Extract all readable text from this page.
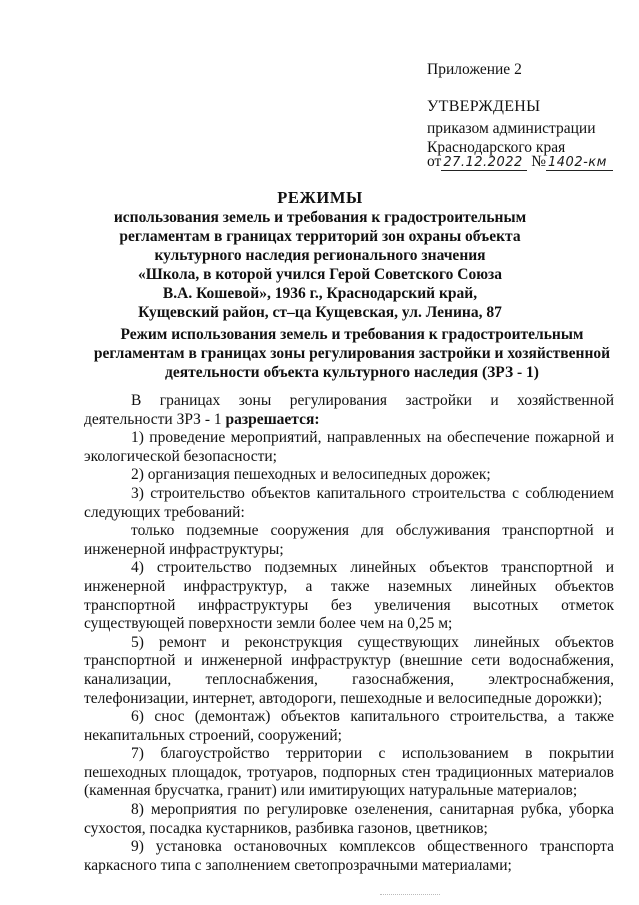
Приложение 2
УТВЕРЖДЕНЫ
приказом администрации
Краснодарского края
от 27.12.2022 № 1402-км
РЕЖИМЫ
использования земель и требования к градостроительным
регламентам в границах территорий зон охраны объекта
культурного наследия регионального значения
«Школа, в которой учился Герой Советского Союза
В.А. Кошевой», 1936 г., Краснодарский край,
Кущевский район, ст–ца Кущевская, ул. Ленина, 87
Режим использования земель и требования к градостроительным
регламентам в границах зоны регулирования застройки и хозяйственной
деятельности объекта культурного наследия (ЗРЗ - 1)

В границах зоны регулирования застройки и хозяйственной деятельности ЗРЗ - 1 разрешается:

1) проведение мероприятий, направленных на обеспечение пожарной и экологической безопасности;

2) организация пешеходных и велосипедных дорожек;

3) строительство объектов капитального строительства с соблюдением следующих требований:

только подземные сооружения для обслуживания транспортной и инженерной инфраструктуры;

4) строительство подземных линейных объектов транспортной и инженерной инфраструктур, а также наземных линейных объектов транспортной инфраструктуры без увеличения высотных отметок существующей поверхности земли более чем на 0,25 м;

5) ремонт и реконструкция существующих линейных объектов транспортной и инженерной инфраструктур (внешние сети водоснабжения, канализации, теплоснабжения, газоснабжения, электроснабжения, телефонизации, интернет, автодороги, пешеходные и велосипедные дорожки);

6) снос (демонтаж) объектов капитального строительства, а также некапитальных строений, сооружений;

7) благоустройство территории с использованием в покрытии пешеходных площадок, тротуаров, подпорных стен традиционных материалов (каменная брусчатка, гранит) или имитирующих натуральные материалов;

8) мероприятия по регулировке озеленения, санитарная рубка, уборка сухостоя, посадка кустарников, разбивка газонов, цветников;

9) установка остановочных комплексов общественного транспорта каркасного типа с заполнением светопрозрачными материалами;
